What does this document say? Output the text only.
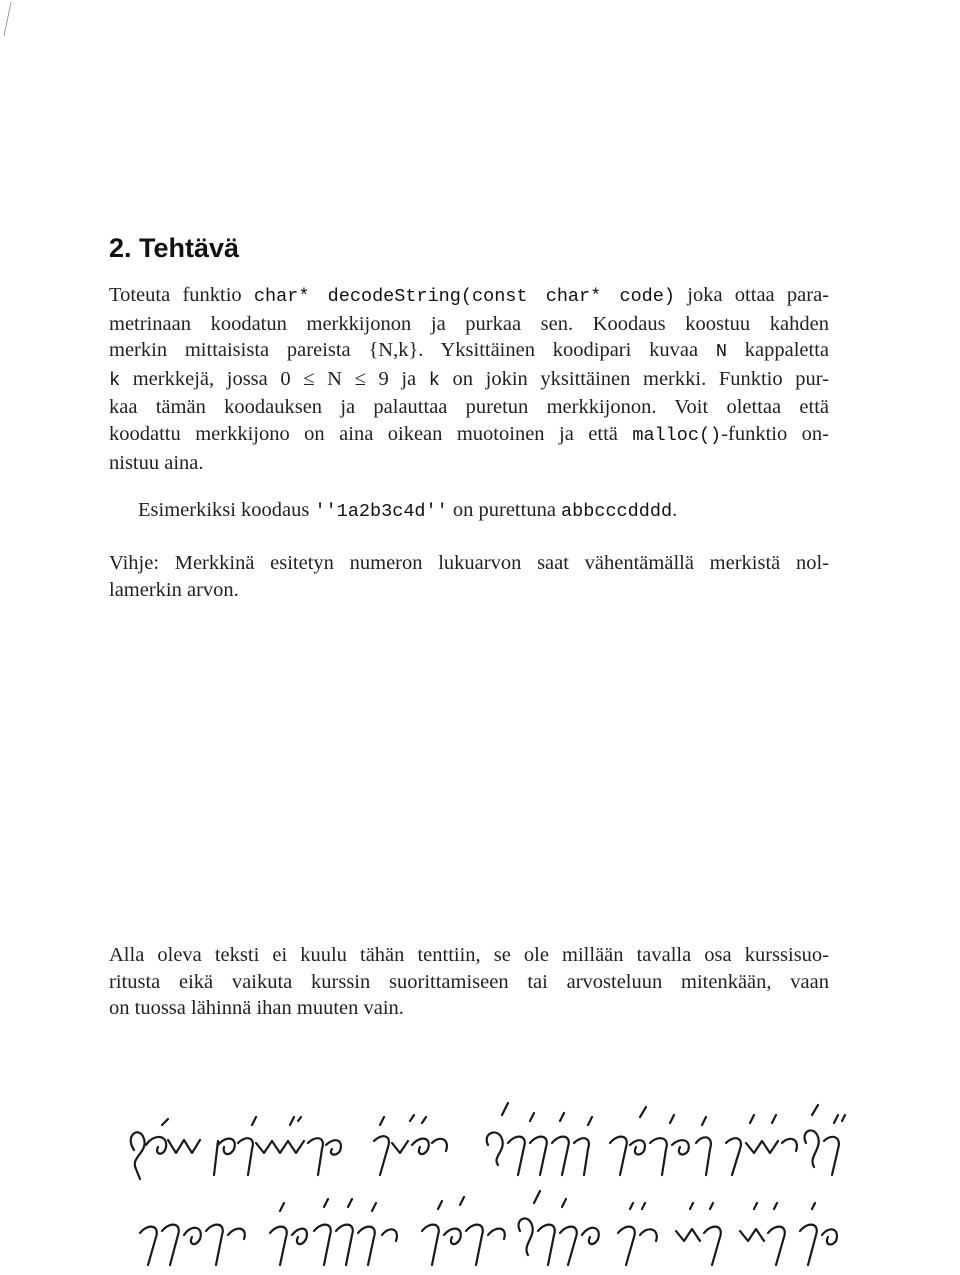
2. Tehtävä
Toteuta funktio char* decodeString(const char* code) joka ottaa para-
metrinaan koodatun merkkijonon ja purkaa sen. Koodaus koostuu kahden
merkin mittaisista pareista {N,k}. Yksittäinen koodipari kuvaa N kappaletta
k merkkejä, jossa 0 ≤ N ≤ 9 ja k on jokin yksittäinen merkki. Funktio pur-
kaa tämän koodauksen ja palauttaa puretun merkkijonon. Voit olettaa että
koodattu merkkijono on aina oikean muotoinen ja että malloc()-funktio on-
nistuu aina.
Esimerkiksi koodaus ''1a2b3c4d'' on purettuna abbcccdddd.
Vihje: Merkkinä esitetyn numeron lukuarvon saat vähentämällä merkistä nol-
lamerkin arvon.
Alla oleva teksti ei kuulu tähän tenttiin, se ole millään tavalla osa kurssisuo-
ritusta eikä vaikuta kurssin suorittamiseen tai arvosteluun mitenkään, vaan
on tuossa lähinnä ihan muuten vain.
